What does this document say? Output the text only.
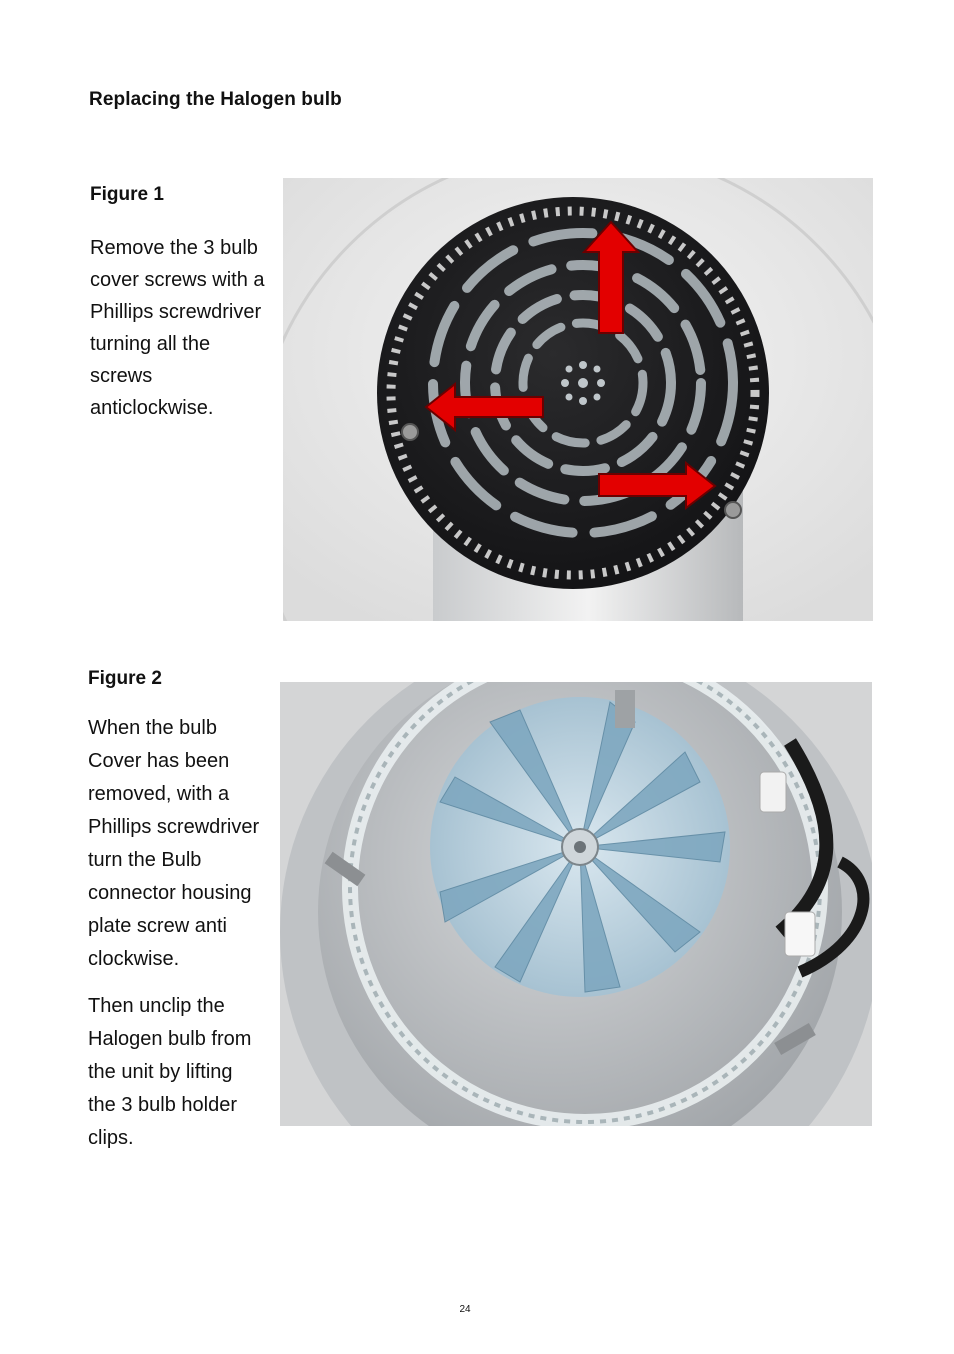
Replacing the Halogen bulb
Figure 1

Remove the 3 bulb
cover screws with a
Phillips screwdriver
turning all the
screws
anticlockwise.

Figure 2

When the bulb
Cover has been
removed, with a
Phillips screwdriver
turn the Bulb
connector housing
plate screw anti
clockwise.

Then unclip the
Halogen bulb from
the unit by lifting
the 3 bulb holder
clips.

24
